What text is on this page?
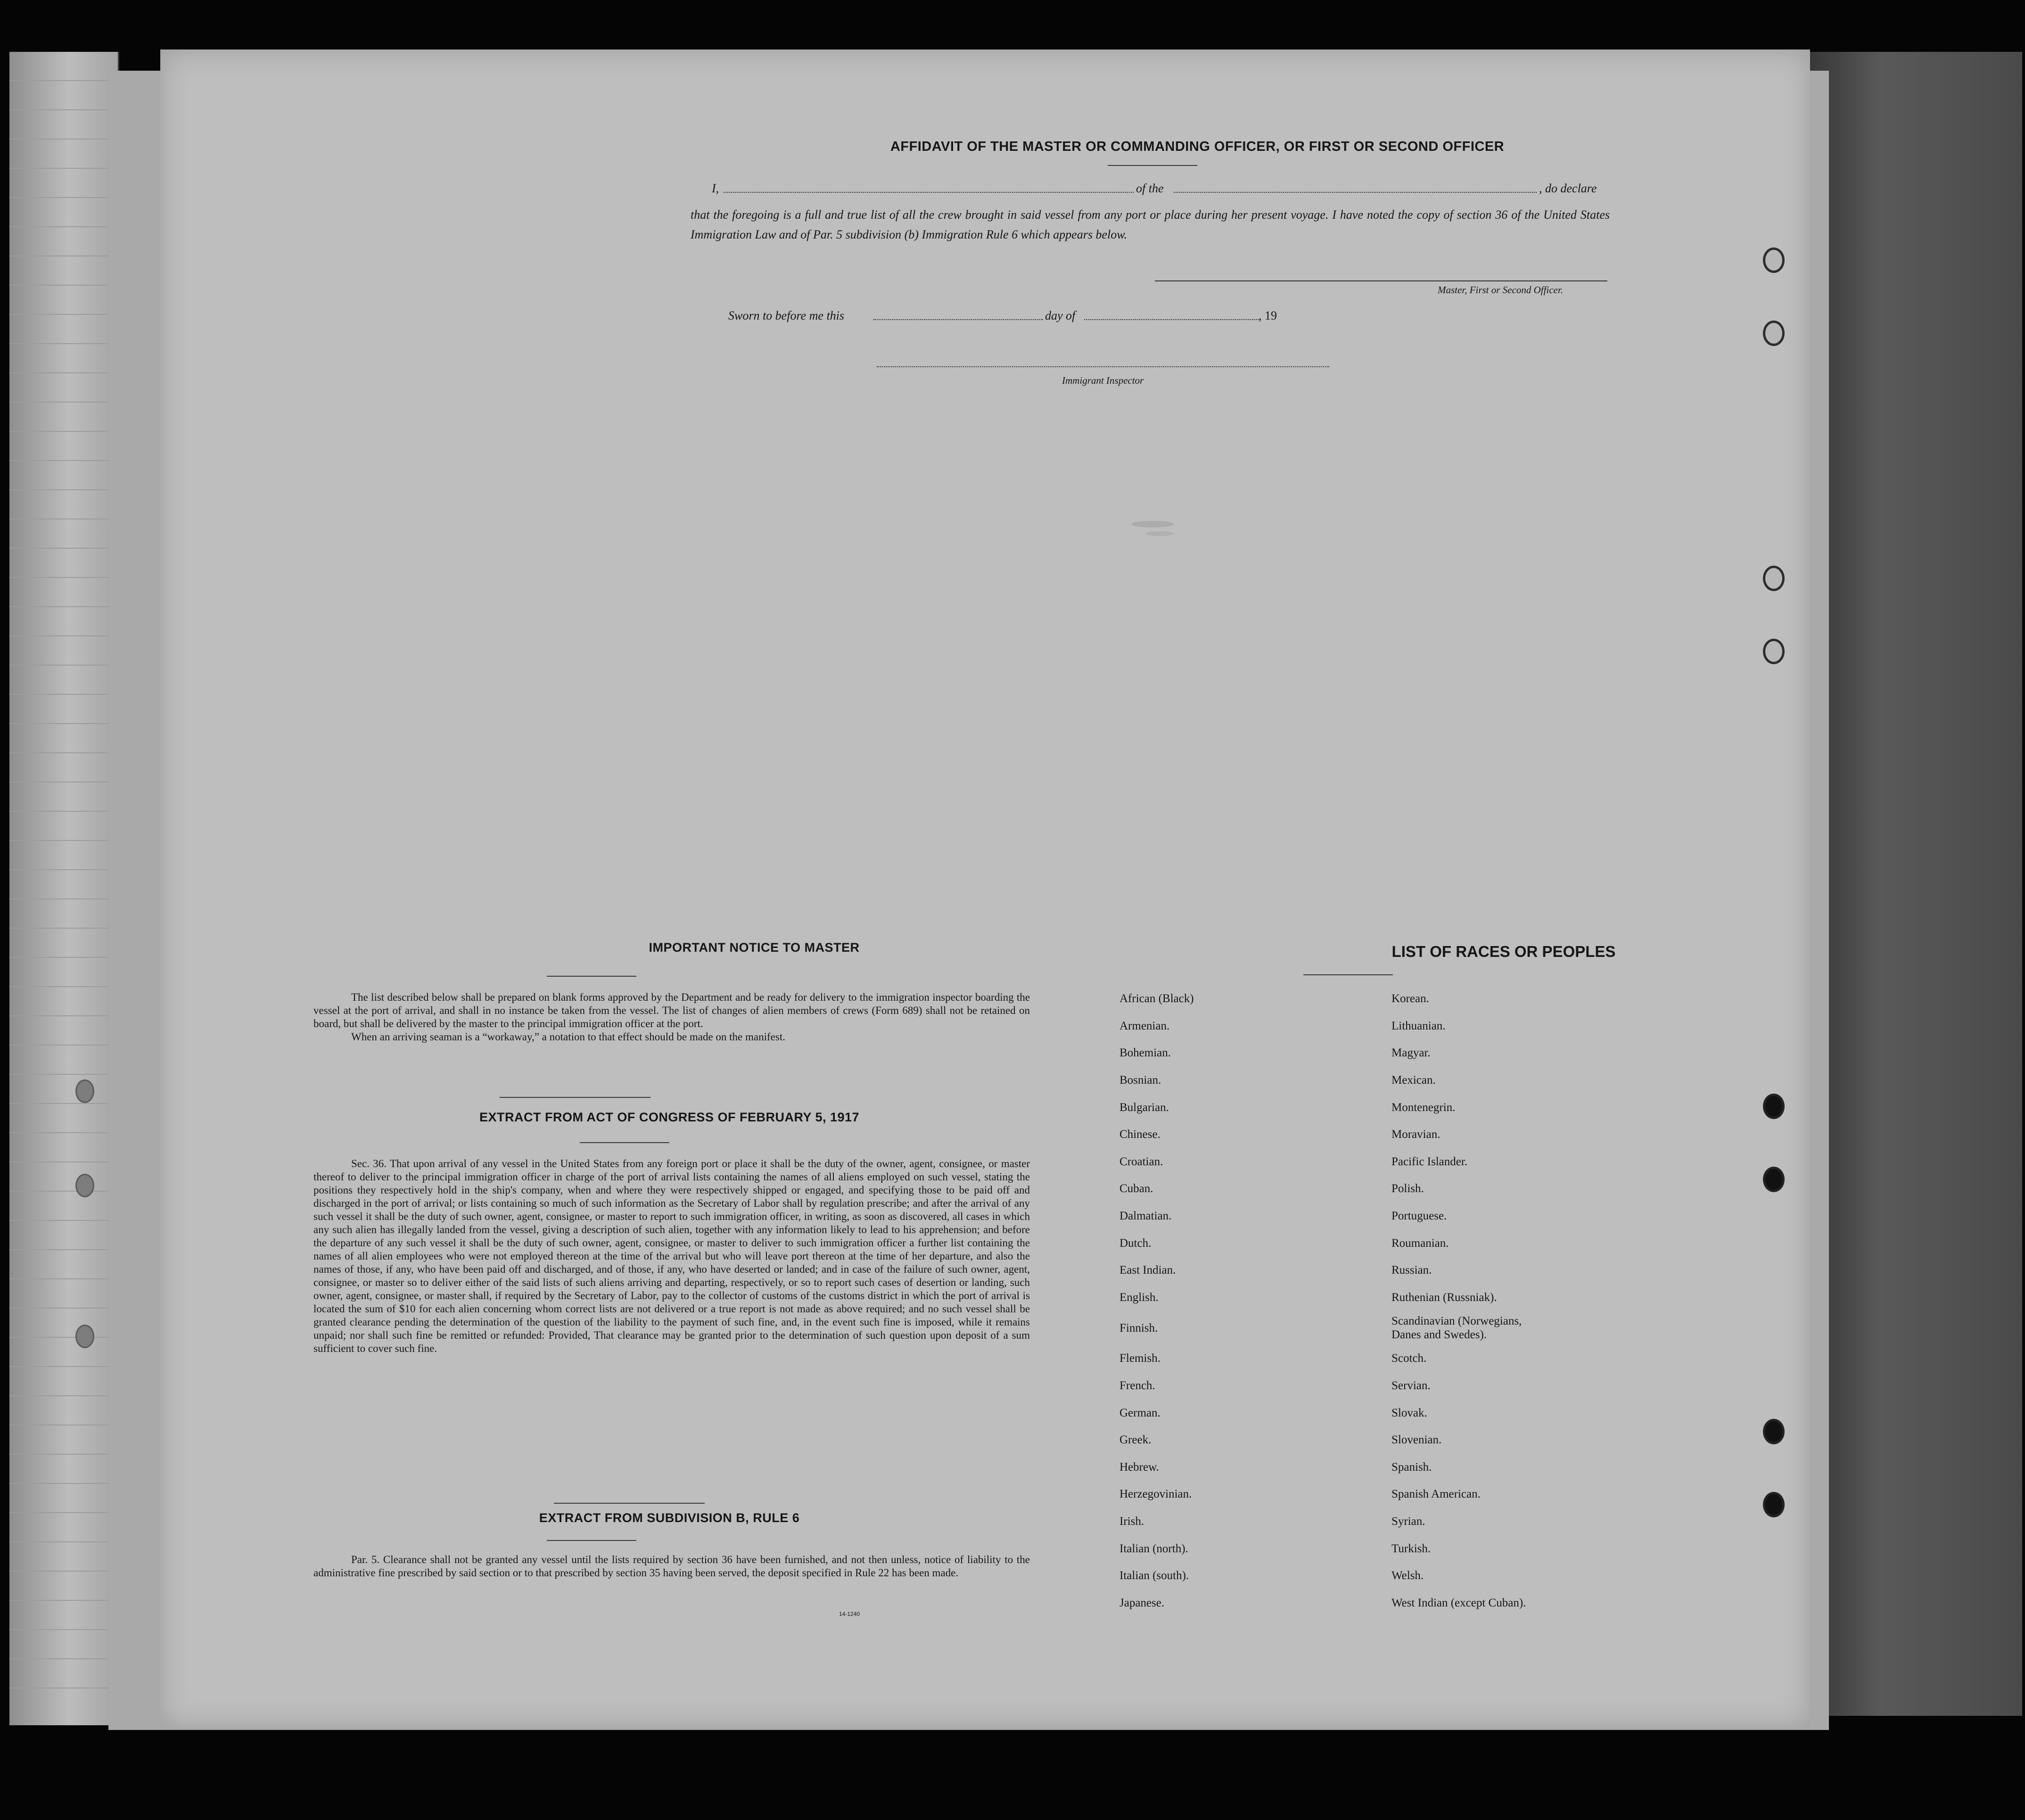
AFFIDAVIT OF THE MASTER OR COMMANDING OFFICER, OR FIRST OR SECOND OFFICER
I,	of the	, do declare
that the foregoing is a full and true list of all the crew brought in said vessel from any port or place during her present voyage. I have noted the copy of section 36 of the United States Immigration Law and of Par. 5 subdivision (b) Immigration Rule 6 which appears below.
Master, First or Second Officer.
Sworn to before me this	day of	, 19
Immigrant Inspector
IMPORTANT NOTICE TO MASTER

The list described below shall be prepared on blank forms approved by the Department and be ready for delivery to the immigration inspector boarding the vessel at the port of arrival, and shall in no instance be taken from the vessel. The list of changes of alien members of crews (Form 689) shall not be retained on board, but shall be delivered by the master to the principal immigration officer at the port.

When an arriving seaman is a “workaway,” a notation to that effect should be made on the manifest.

EXTRACT FROM ACT OF CONGRESS OF FEBRUARY 5, 1917

Sec. 36. That upon arrival of any vessel in the United States from any foreign port or place it shall be the duty of the owner, agent, consignee, or master thereof to deliver to the principal immigration officer in charge of the port of arrival lists containing the names of all aliens employed on such vessel, stating the positions they respectively hold in the ship's company, when and where they were respectively shipped or engaged, and specifying those to be paid off and discharged in the port of arrival; or lists containing so much of such information as the Secretary of Labor shall by regulation prescribe; and after the arrival of any such vessel it shall be the duty of such owner, agent, consignee, or master to report to such immigration officer, in writing, as soon as discovered, all cases in which any such alien has illegally landed from the vessel, giving a description of such alien, together with any information likely to lead to his apprehension; and before the departure of any such vessel it shall be the duty of such owner, agent, consignee, or master to deliver to such immigration officer a further list containing the names of all alien employees who were not employed thereon at the time of the arrival but who will leave port thereon at the time of her departure, and also the names of those, if any, who have been paid off and discharged, and of those, if any, who have deserted or landed; and in case of the failure of such owner, agent, consignee, or master so to deliver either of the said lists of such aliens arriving and departing, respectively, or so to report such cases of desertion or landing, such owner, agent, consignee, or master shall, if required by the Secretary of Labor, pay to the collector of customs of the customs district in which the port of arrival is located the sum of $10 for each alien concerning whom correct lists are not delivered or a true report is not made as above required; and no such vessel shall be granted clearance pending the determination of the question of the liability to the payment of such fine, and, in the event such fine is imposed, while it remains unpaid; nor shall such fine be remitted or refunded: Provided, That clearance may be granted prior to the determination of such question upon deposit of a sum sufficient to cover such fine.

EXTRACT FROM SUBDIVISION B, RULE 6

Par. 5. Clearance shall not be granted any vessel until the lists required by section 36 have been furnished, and not then unless, notice of liability to the administrative fine prescribed by said section or to that prescribed by section 35 having been served, the deposit specified in Rule 22 has been made.

14-1240
LIST OF RACES OR PEOPLES
African (Black)
Armenian.
Bohemian.
Bosnian.
Bulgarian.
Chinese.
Croatian.
Cuban.
Dalmatian.
Dutch.
East Indian.
English.
Finnish.
Flemish.
French.
German.
Greek.
Hebrew.
Herzegovinian.
Irish.
Italian (north).
Italian (south).
Japanese.
Korean.
Lithuanian.
Magyar.
Mexican.
Montenegrin.
Moravian.
Pacific Islander.
Polish.
Portuguese.
Roumanian.
Russian.
Ruthenian (Russniak).
Scandinavian (Norwegians,
Danes and Swedes).
Scotch.
Servian.
Slovak.
Slovenian.
Spanish.
Spanish American.
Syrian.
Turkish.
Welsh.
West Indian (except Cuban).
